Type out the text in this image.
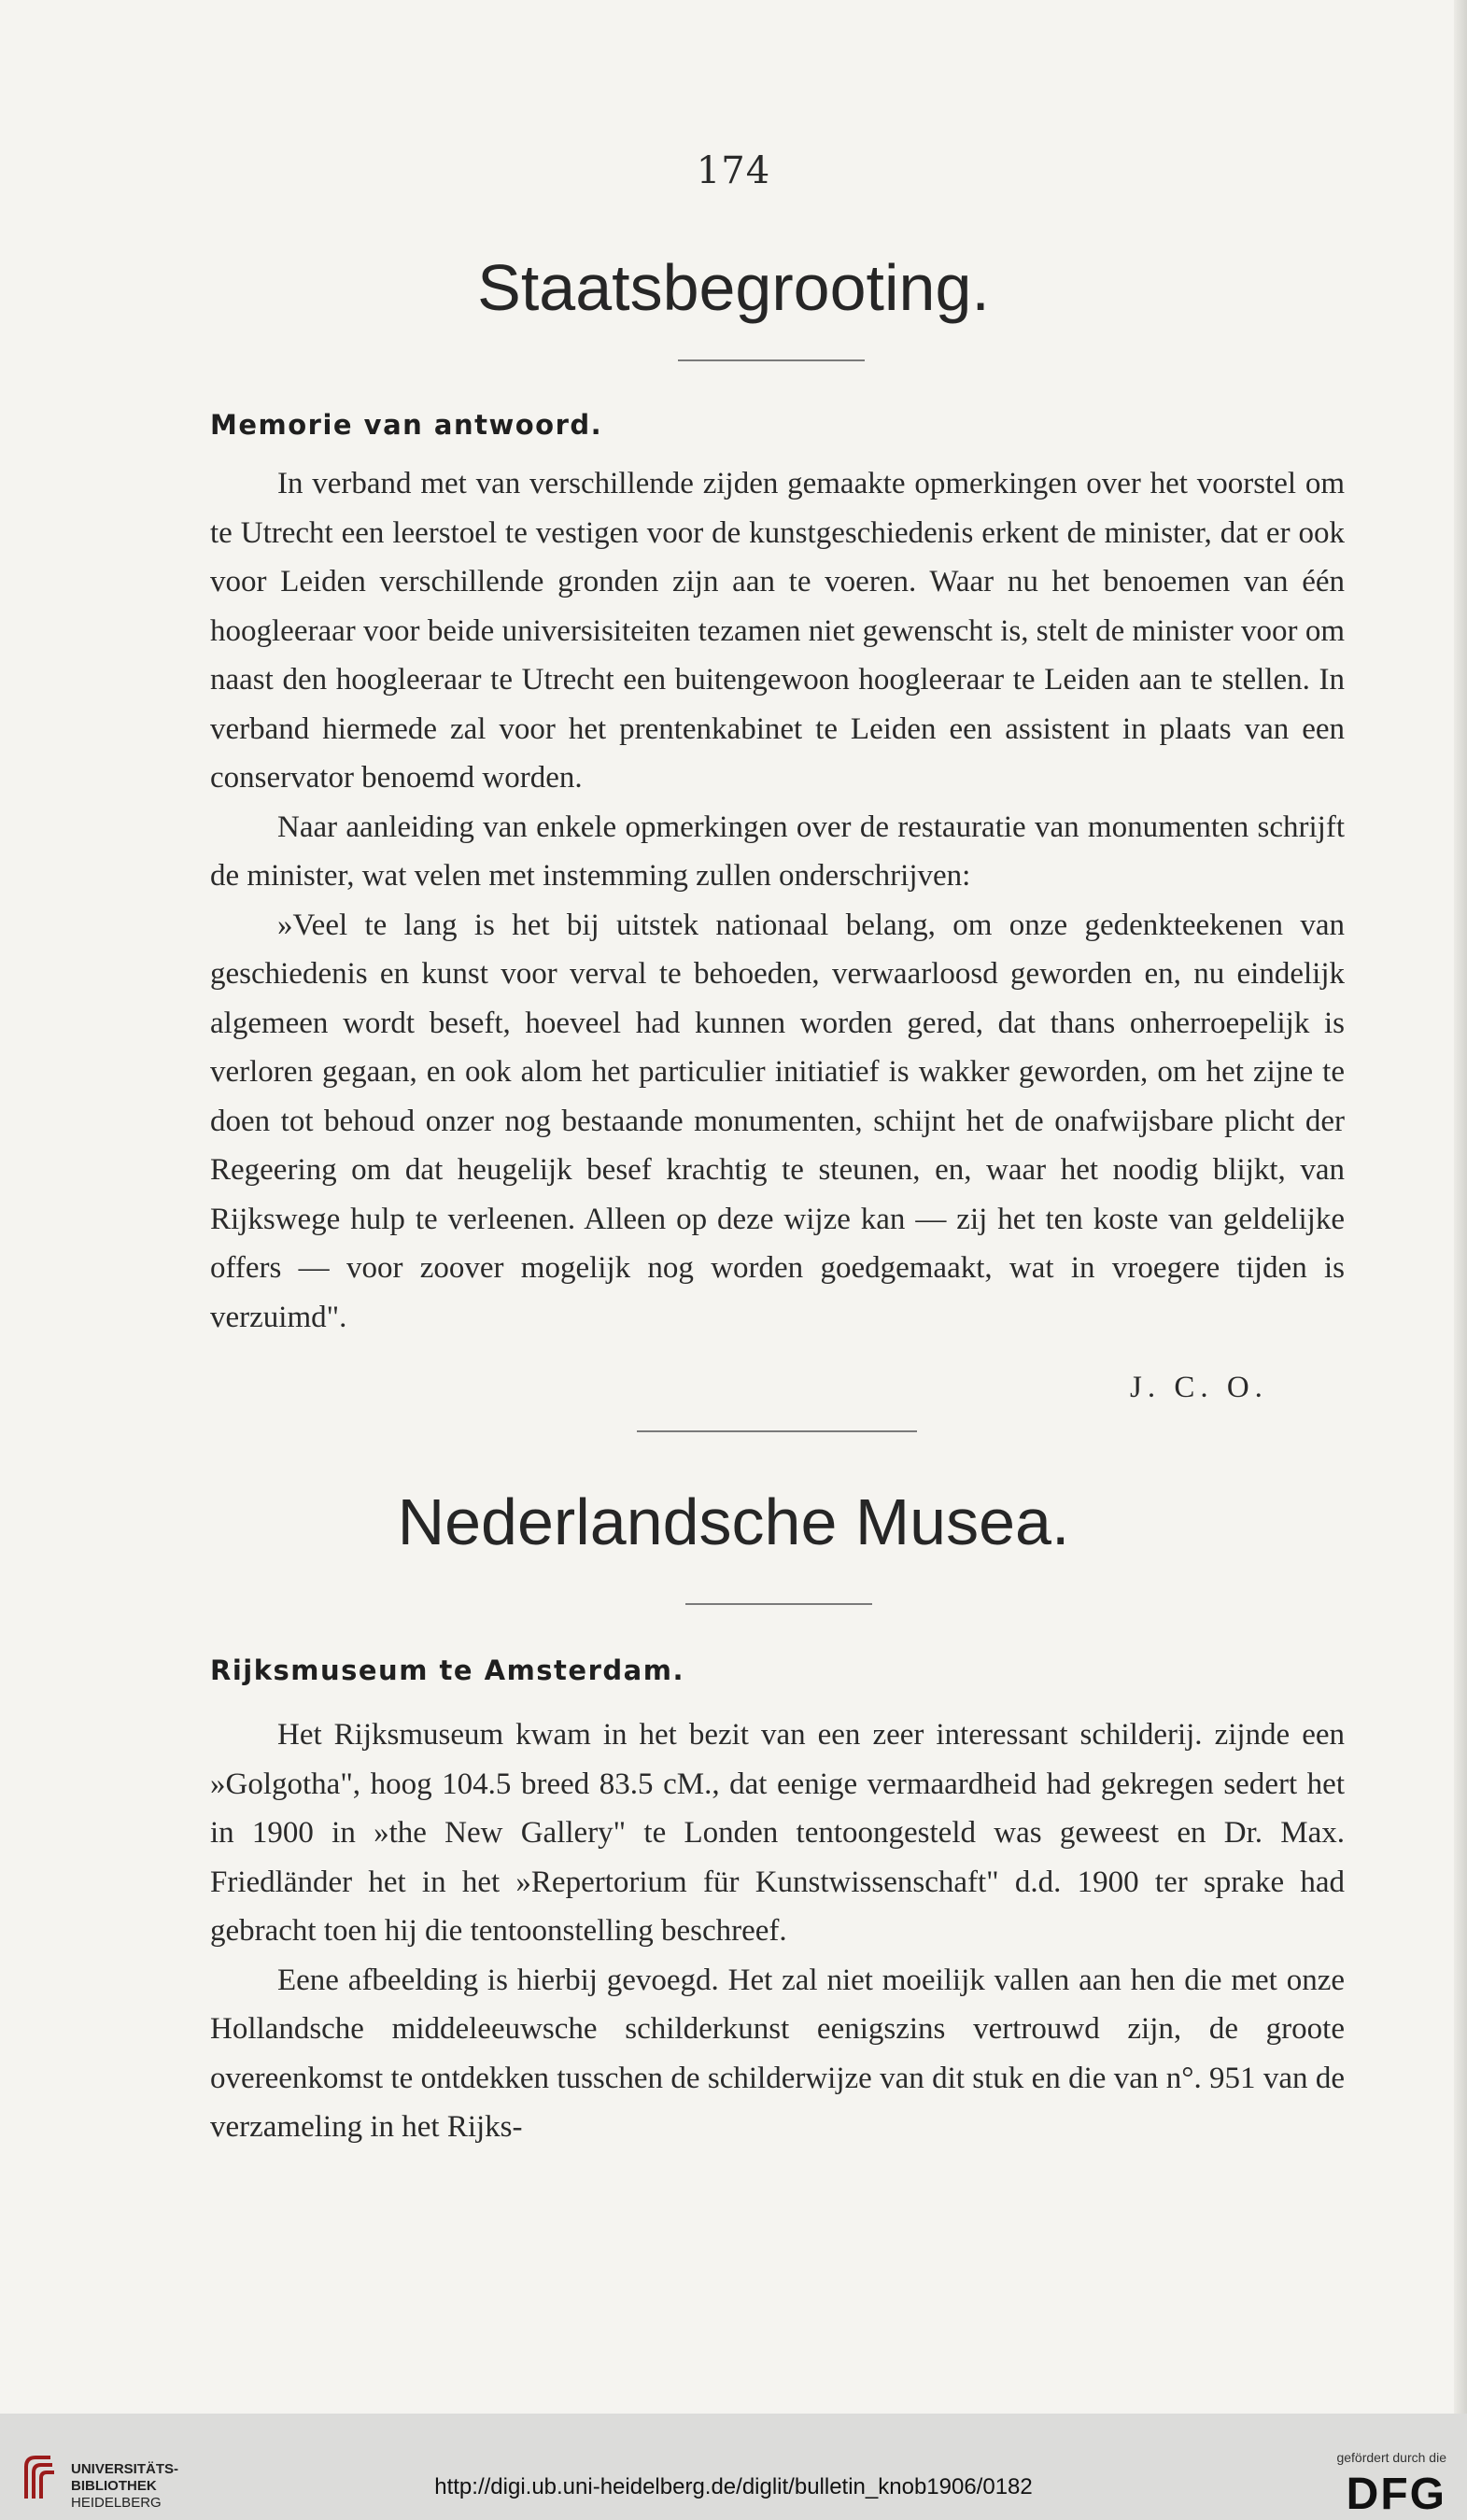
174
Staatsbegrooting.
Memorie van antwoord.

In verband met van verschillende zijden gemaakte opmerkingen over het voorstel om te Utrecht een leerstoel te vestigen voor de kunstgeschiedenis erkent de minister, dat er ook voor Leiden verschillende gronden zijn aan te voeren. Waar nu het benoemen van één hoogleeraar voor beide universisiteiten tezamen niet gewenscht is, stelt de minister voor om naast den hoogleeraar te Utrecht een buitengewoon hoogleeraar te Leiden aan te stellen. In verband hiermede zal voor het prentenkabinet te Leiden een assistent in plaats van een conservator benoemd worden.

Naar aanleiding van enkele opmerkingen over de restauratie van monumenten schrijft de minister, wat velen met instemming zullen onderschrijven:

»Veel te lang is het bij uitstek nationaal belang, om onze gedenkteekenen van geschiedenis en kunst voor verval te behoeden, verwaarloosd geworden en, nu eindelijk algemeen wordt beseft, hoeveel had kunnen worden gered, dat thans onherroepelijk is verloren gegaan, en ook alom het particulier initiatief is wakker geworden, om het zijne te doen tot behoud onzer nog bestaande monumenten, schijnt het de onafwijsbare plicht der Regeering om dat heugelijk besef krachtig te steunen, en, waar het noodig blijkt, van Rijkswege hulp te verleenen. Alleen op deze wijze kan — zij het ten koste van geldelijke offers — voor zoover mogelijk nog worden goedgemaakt, wat in vroegere tijden is verzuimd".

J. C. O.
Nederlandsche Musea.
Rijksmuseum te Amsterdam.

Het Rijksmuseum kwam in het bezit van een zeer interessant schilderij. zijnde een »Golgotha", hoog 104.5 breed 83.5 cM., dat eenige vermaardheid had gekregen sedert het in 1900 in »the New Gallery" te Londen tentoongesteld was geweest en Dr. Max. Friedländer het in het »Repertorium für Kunstwissenschaft" d.d. 1900 ter sprake had gebracht toen hij die tentoonstelling beschreef.

Eene afbeelding is hierbij gevoegd. Het zal niet moeilijk vallen aan hen die met onze Hollandsche middeleeuwsche schilderkunst eenigszins vertrouwd zijn, de groote overeenkomst te ontdekken tusschen de schilderwijze van dit stuk en die van n°. 951 van de verzameling in het Rijks-

UNIVERSITÄTS-
BIBLIOTHEK
HEIDELBERG
http://digi.ub.uni-heidelberg.de/diglit/bulletin_knob1906/0182
gefördert durch die
DFG
